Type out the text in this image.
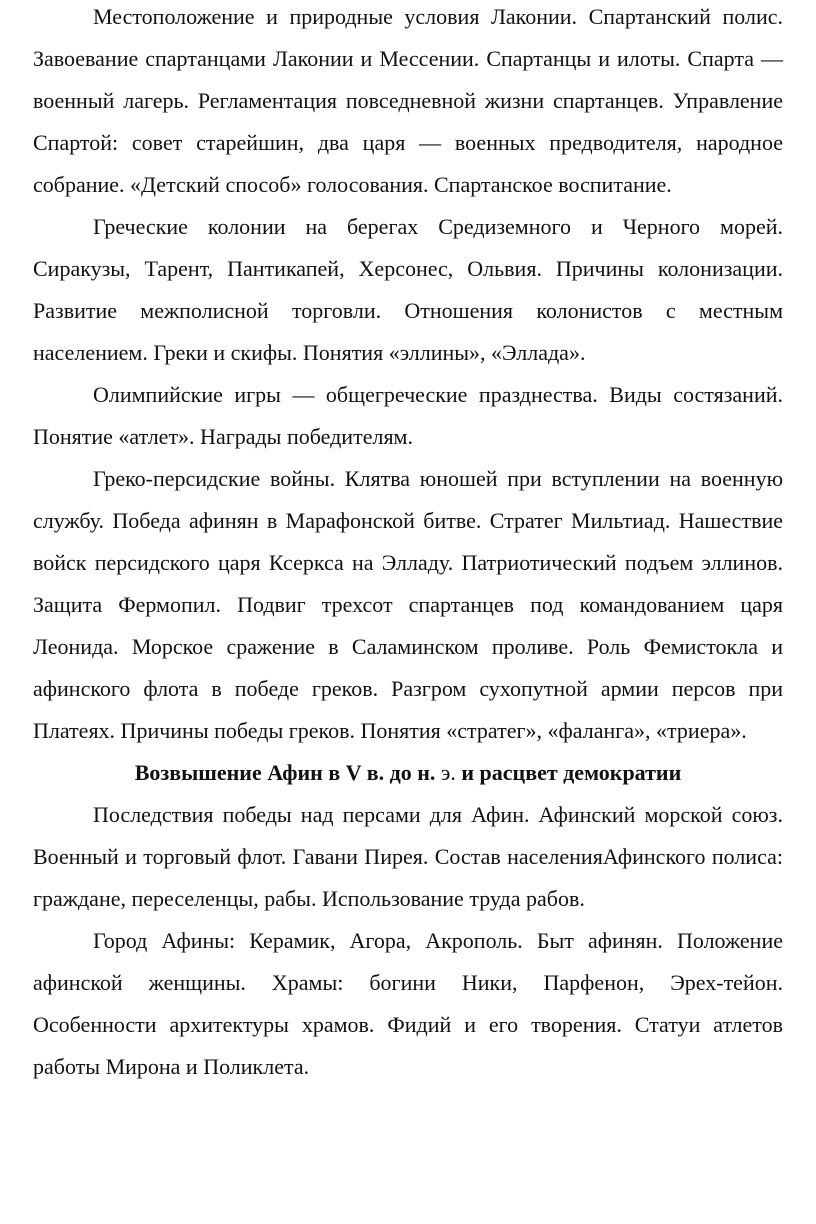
Местоположение и природные условия Лаконии. Спартанский полис. Завоевание спартанцами Лаконии и Мессении. Спартанцы и илоты. Спарта — военный лагерь. Регламентация повседневной жизни спартанцев. Управление Спартой: совет старейшин, два царя — военных предводителя, народное собрание. «Детский способ» голосования. Спартанское воспитание.

Греческие колонии на берегах Средиземного и Черного морей. Сиракузы, Тарент, Пантикапей, Херсонес, Ольвия. Причины колонизации. Развитие межполисной торговли. Отношения колонистов с местным населением. Греки и скифы. Понятия «эллины», «Эллада».

Олимпийские игры — общегреческие празднества. Виды состязаний. Понятие «атлет». Награды победителям.

Греко-персидские войны. Клятва юношей при вступлении на военную службу. Победа афинян в Марафонской битве. Стратег Мильтиад. Нашествие войск персидского царя Ксеркса на Элладу. Патриотический подъем эллинов. Защита Фермопил. Подвиг трехсот спартанцев под командованием царя Леонида. Морское сражение в Саламинском проливе. Роль Фемистокла и афинского флота в победе греков. Разгром сухопутной армии персов при Платеях. Причины победы греков. Понятия «стратег», «фаланга», «триера».

Возвышение Афин в V в. до н. э. и расцвет демократии

Последствия победы над персами для Афин. Афинский морской союз. Военный и торговый флот. Гавани Пирея. Состав населенияАфинского полиса: граждане, переселенцы, рабы. Использование труда рабов.

Город Афины: Керамик, Агора, Акрополь. Быт афинян. Положение афинской женщины. Храмы: богини Ники, Парфенон, Эрех-тейон. Особенности архитектуры храмов. Фидий и его творения. Статуи атлетов работы Мирона и Поликлета.
